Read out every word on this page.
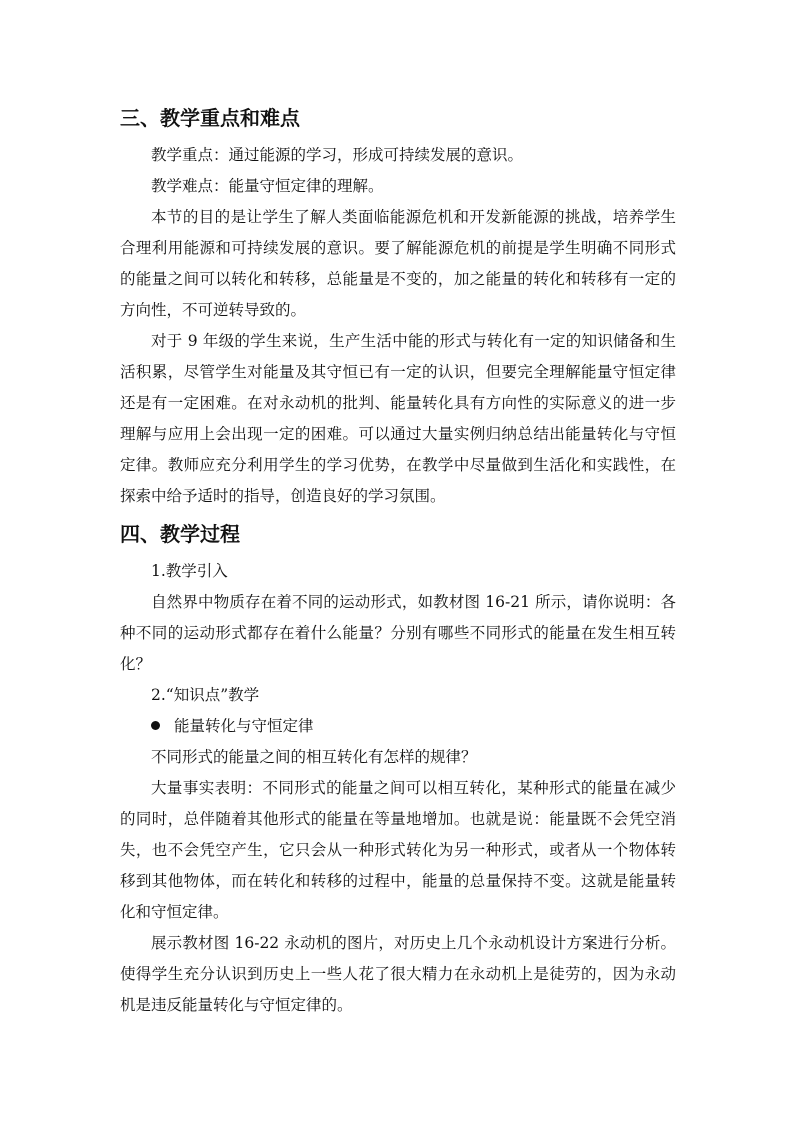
三、教学重点和难点

教学重点：通过能源的学习，形成可持续发展的意识。

教学难点：能量守恒定律的理解。

本节的目的是让学生了解人类面临能源危机和开发新能源的挑战，培养学生合理利用能源和可持续发展的意识。要了解能源危机的前提是学生明确不同形式的能量之间可以转化和转移，总能量是不变的，加之能量的转化和转移有一定的方向性，不可逆转导致的。

对于 9 年级的学生来说，生产生活中能的形式与转化有一定的知识储备和生活积累，尽管学生对能量及其守恒已有一定的认识，但要完全理解能量守恒定律还是有一定困难。在对永动机的批判、能量转化具有方向性的实际意义的进一步理解与应用上会出现一定的困难。可以通过大量实例归纳总结出能量转化与守恒定律。教师应充分利用学生的学习优势，在教学中尽量做到生活化和实践性，在探索中给予适时的指导，创造良好的学习氛围。

四、教学过程

1.教学引入

自然界中物质存在着不同的运动形式，如教材图 16-21 所示，请你说明：各种不同的运动形式都存在着什么能量？分别有哪些不同形式的能量在发生相互转化？

2.“知识点”教学

能量转化与守恒定律

不同形式的能量之间的相互转化有怎样的规律？

大量事实表明：不同形式的能量之间可以相互转化，某种形式的能量在减少的同时，总伴随着其他形式的能量在等量地增加。也就是说：能量既不会凭空消失，也不会凭空产生，它只会从一种形式转化为另一种形式，或者从一个物体转移到其他物体，而在转化和转移的过程中，能量的总量保持不变。这就是能量转化和守恒定律。

展示教材图 16-22 永动机的图片，对历史上几个永动机设计方案进行分析。使得学生充分认识到历史上一些人花了很大精力在永动机上是徒劳的，因为永动机是违反能量转化与守恒定律的。
